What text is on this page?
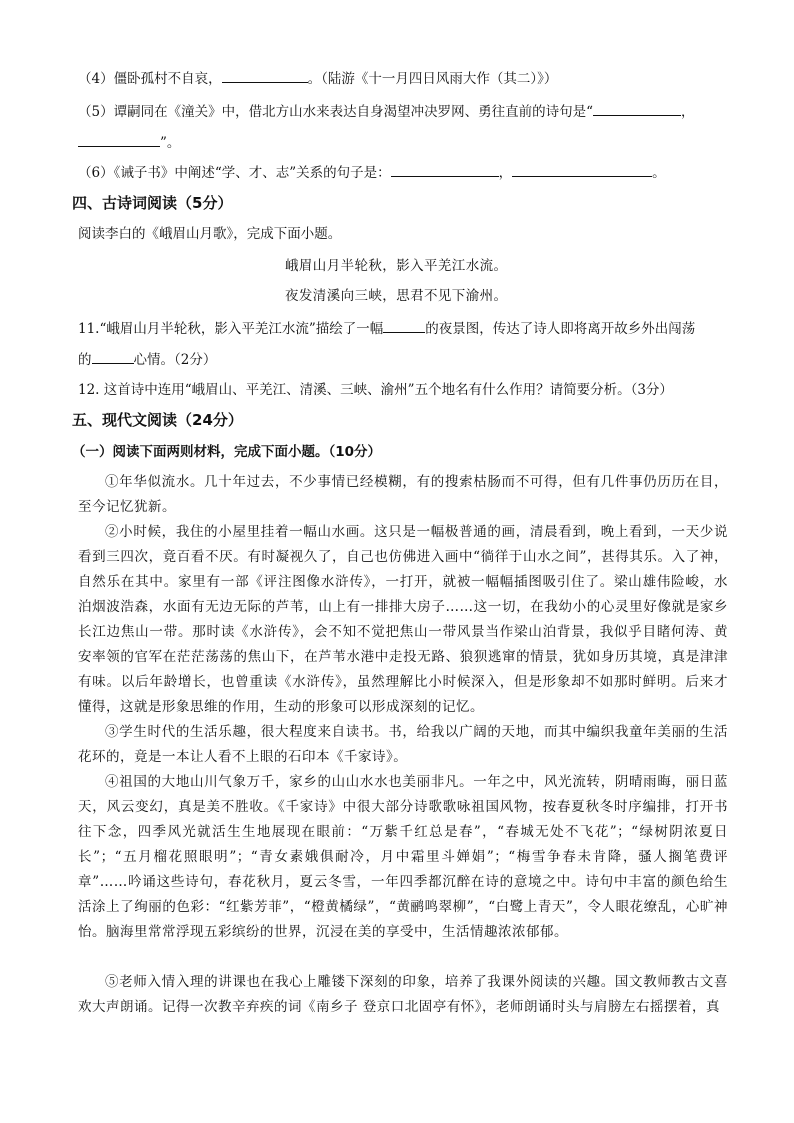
（4）僵卧孤村不自哀，	。（陆游《十一月四日风雨大作（其二）》）
（5）谭嗣同在《潼关》中，借北方山水来表达自身渴望冲决罗网、勇往直前的诗句是“	，
”。
（6）《诫子书》中阐述“学、才、志”关系的句子是：	，	。
四、古诗词阅读（5分）
阅读李白的《峨眉山月歌》，完成下面小题。
峨眉山月半轮秋，影入平羌江水流。
夜发清溪向三峡，思君不见下渝州。
11.“峨眉山月半轮秋，影入平羌江水流”描绘了一幅	的夜景图，传达了诗人即将离开故乡外出闯荡
的	心情。（2分）
12. 这首诗中连用“峨眉山、平羌江、清溪、三峡、渝州”五个地名有什么作用？请简要分析。（3分）
五、现代文阅读（24分）
（一）阅读下面两则材料，完成下面小题。（10分）
①年华似流水。几十年过去，不少事情已经模糊，有的搜索枯肠而不可得，但有几件事仍历历在目，至今记忆犹新。
②小时候，我住的小屋里挂着一幅山水画。这只是一幅极普通的画，清晨看到，晚上看到，一天少说看到三四次，竟百看不厌。有时凝视久了，自己也仿佛进入画中“徜徉于山水之间”，甚得其乐。入了神，自然乐在其中。家里有一部《评注图像水浒传》，一打开，就被一幅幅插图吸引住了。梁山雄伟险峻，水泊烟波浩森，水面有无边无际的芦苇，山上有一排排大房子……这一切，在我幼小的心灵里好像就是家乡长江边焦山一带。那时读《水浒传》，会不知不觉把焦山一带风景当作梁山泊背景，我似乎目睹何涛、黄安率领的官军在茫茫荡荡的焦山下，在芦苇水港中走投无路、狼狈逃窜的情景，犹如身历其境，真是津津有味。以后年龄增长，也曾重读《水浒传》，虽然理解比小时候深入，但是形象却不如那时鲜明。后来才懂得，这就是形象思维的作用，生动的形象可以形成深刻的记忆。
③学生时代的生活乐趣，很大程度来自读书。书，给我以广阔的天地，而其中编织我童年美丽的生活花环的，竟是一本让人看不上眼的石印本《千家诗》。
④祖国的大地山川气象万千，家乡的山山水水也美丽非凡。一年之中，风光流转，阴晴雨晦，丽日蓝天，风云变幻，真是美不胜收。《千家诗》中很大部分诗歌歌咏祖国风物，按春夏秋冬时序编排，打开书往下念，四季风光就活生生地展现在眼前：“万紫千红总是春”，“春城无处不飞花”；“绿树阴浓夏日长”；“五月榴花照眼明”；“青女素娥俱耐冷，月中霜里斗婵娟”；“梅雪争春未肯降，骚人搁笔费评章”……吟诵这些诗句，春花秋月，夏云冬雪，一年四季都沉醉在诗的意境之中。诗句中丰富的颜色给生活涂上了绚丽的色彩：“红紫芳菲”，“橙黄橘绿”，“黄鹂鸣翠柳”，“白鹭上青天”，令人眼花缭乱，心旷神怡。脑海里常常浮现五彩缤纷的世界，沉浸在美的享受中，生活情趣浓浓郁郁。
⑤老师入情入理的讲课也在我心上雕镂下深刻的印象，培养了我课外阅读的兴趣。国文教师教古文喜欢大声朗诵。记得一次教辛弃疾的词《南乡子 登京口北固亭有怀》，老师朗诵时头与肩膀左右摇摆着，真
